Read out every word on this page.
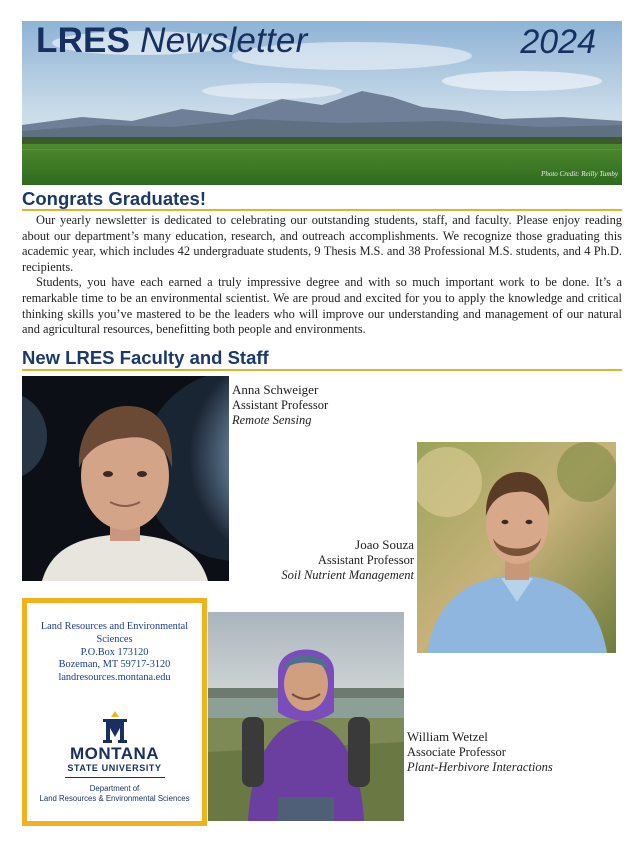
LRES Newsletter	2024
Photo Credit: Reilly Tumby
Congrats Graduates!

Our yearly newsletter is dedicated to celebrating our outstanding students, staff, and faculty. Please enjoy reading about our department’s many education, research, and outreach accomplishments. We recognize those graduating this academic year, which includes 42 undergraduate students, 9 Thesis M.S. and 38 Professional M.S. students, and 4 Ph.D. recipients.

Students, you have each earned a truly impressive degree and with so much important work to be done. It’s a remarkable time to be an environmental scientist. We are proud and excited for you to apply the knowledge and critical thinking skills you’ve mastered to be the leaders who will improve our understanding and management of our natural and agricultural resources, benefitting both people and environments.

New LRES Faculty and Staff
Anna Schweiger
Assistant Professor
Remote Sensing
Joao Souza
Assistant Professor
Soil Nutrient Management
Land Resources and Environmental
Sciences
P.O.Box 173120
Bozeman, MT 59717-3120
landresources.montana.edu
MONTANA
STATE UNIVERSITY
Department of
Land Resources & Environmental Sciences
William Wetzel
Associate Professor
Plant-Herbivore Interactions
